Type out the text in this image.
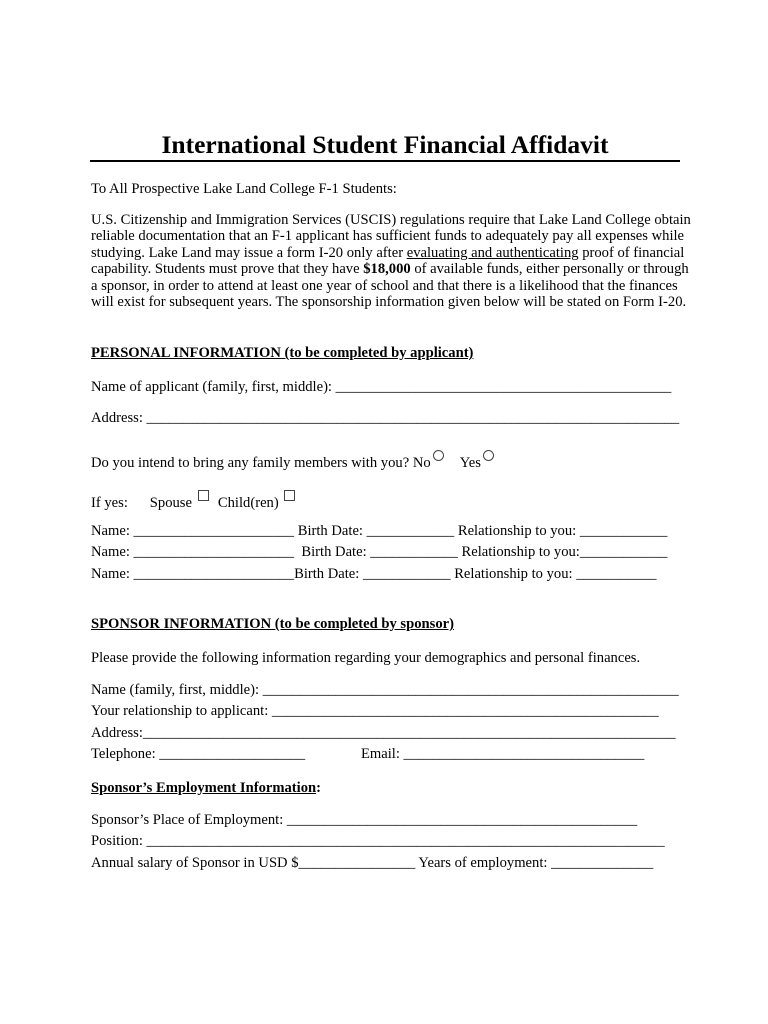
International Student Financial Affidavit
To All Prospective Lake Land College F-1 Students:

U.S. Citizenship and Immigration Services (USCIS) regulations require that Lake Land College obtain reliable documentation that an F-1 applicant has sufficient funds to adequately pay all expenses while studying. Lake Land may issue a form I-20 only after evaluating and authenticating proof of financial capability. Students must prove that they have $18,000 of available funds, either personally or through a sponsor, in order to attend at least one year of school and that there is a likelihood that the finances will exist for subsequent years. The sponsorship information given below will be stated on Form I-20.

PERSONAL INFORMATION (to be completed by applicant)
Name of applicant (family, first, middle): ______________________________________________
Address: _________________________________________________________________________
Do you intend to bring any family members with you? No Yes
If yes: Spouse Child(ren)
Name: ______________________ Birth Date: ____________ Relationship to you: ____________
Name: ______________________  Birth Date: ____________ Relationship to you:____________
Name: ______________________Birth Date: ____________ Relationship to you: ___________
SPONSOR INFORMATION (to be completed by sponsor)
Please provide the following information regarding your demographics and personal finances.
Name (family, first, middle): _________________________________________________________
Your relationship to applicant: _____________________________________________________
Address:_________________________________________________________________________
Telephone: ____________________	Email: _________________________________
Sponsor’s Employment Information:
Sponsor’s Place of Employment: ________________________________________________
Position: _______________________________________________________________________
Annual salary of Sponsor in USD $________________ Years of employment: ______________
